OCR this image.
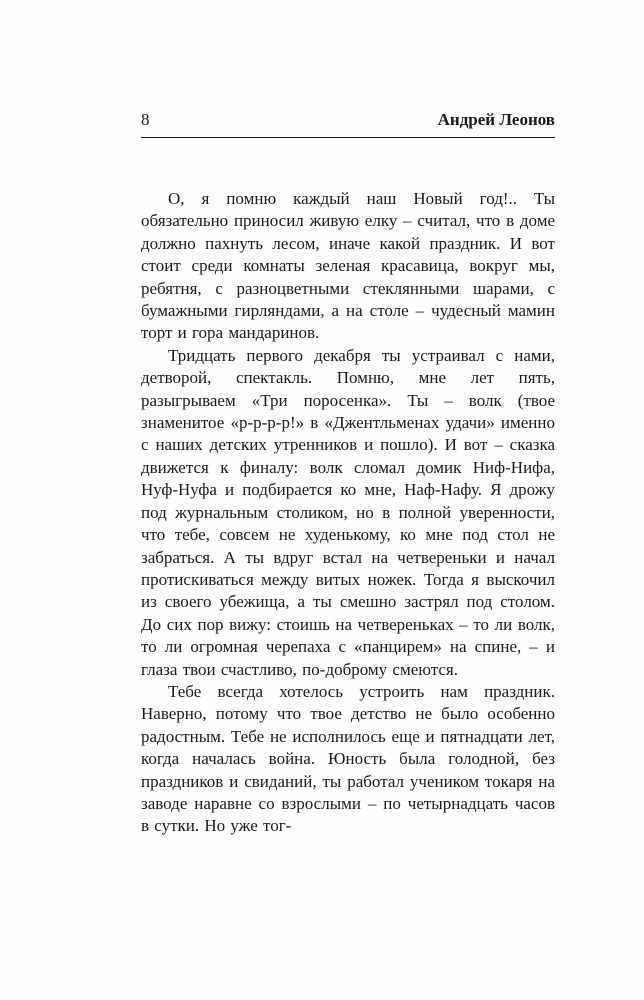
8	Андрей Леонов

О, я помню каждый наш Новый год!.. Ты обязательно приносил живую елку – считал, что в доме должно пахнуть лесом, иначе какой праздник. И вот стоит среди комнаты зеленая красавица, вокруг мы, ребятня, с разноцветными стеклянными шарами, с бумажными гирляндами, а на столе – чудесный мамин торт и гора мандаринов.

Тридцать первого декабря ты устраивал с нами, детворой, спектакль. Помню, мне лет пять, разыгрываем «Три поросенка». Ты – волк (твое знаменитое «р-р-р-р!» в «Джентльменах удачи» именно с наших детских утренников и пошло). И вот – сказка движется к финалу: волк сломал домик Ниф-Нифа, Нуф-Нуфа и подбирается ко мне, Наф-Нафу. Я дрожу под журнальным столиком, но в полной уверенности, что тебе, совсем не худенькому, ко мне под стол не забраться. А ты вдруг встал на четвереньки и начал протискиваться между витых ножек. Тогда я выскочил из своего убежища, а ты смешно застрял под столом. До сих пор вижу: стоишь на четвереньках – то ли волк, то ли огромная черепаха с «панцирем» на спине, – и глаза твои счастливо, по-доброму смеются.

Тебе всегда хотелось устроить нам праздник. Наверно, потому что твое детство не было особенно радостным. Тебе не исполнилось еще и пятнадцати лет, когда началась война. Юность была голодной, без праздников и свиданий, ты работал учеником токаря на заводе наравне со взрослыми – по четырнадцать часов в сутки. Но уже тог-
